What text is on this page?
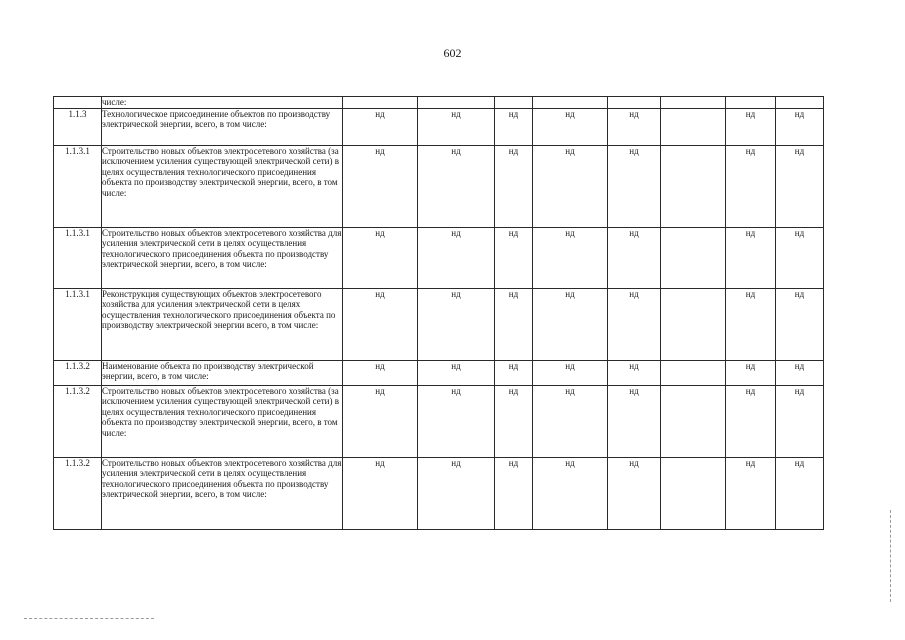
602
	числе:								
1.1.3	Технологическое присоединение объектов по производству электрической энергии, всего, в том числе:	нд	нд	нд	нд	нд		нд	нд
1.1.3.1	Строительство новых объектов электросетевого хозяйства (за исключением усиления существующей электрической сети) в целях осуществления технологического присоединения объекта по производству электрической энергии, всего, в том числе:	нд	нд	нд	нд	нд		нд	нд
1.1.3.1	Строительство новых объектов электросетевого хозяйства для усиления электрической сети в целях осуществления технологического присоединения объекта по производству электрической энергии, всего, в том числе:	нд	нд	нд	нд	нд		нд	нд
1.1.3.1	Реконструкция существующих объектов электросетевого хозяйства для усиления электрической сети в целях осуществления технологического присоединения объекта по производству электрической энергии всего, в том числе:	нд	нд	нд	нд	нд		нд	нд
1.1.3.2	Наименование объекта по производству электрической энергии, всего, в том числе:	нд	нд	нд	нд	нд		нд	нд
1.1.3.2	Строительство новых объектов электросетевого хозяйства (за исключением усиления существующей электрической сети) в целях осуществления технологического присоединения объекта по производству электрической энергии, всего, в том числе:	нд	нд	нд	нд	нд		нд	нд
1.1.3.2	Строительство новых объектов электросетевого хозяйства для усиления электрической сети в целях осуществления технологического присоединения объекта по производству электрической энергии, всего, в том числе:	нд	нд	нд	нд	нд		нд	нд
